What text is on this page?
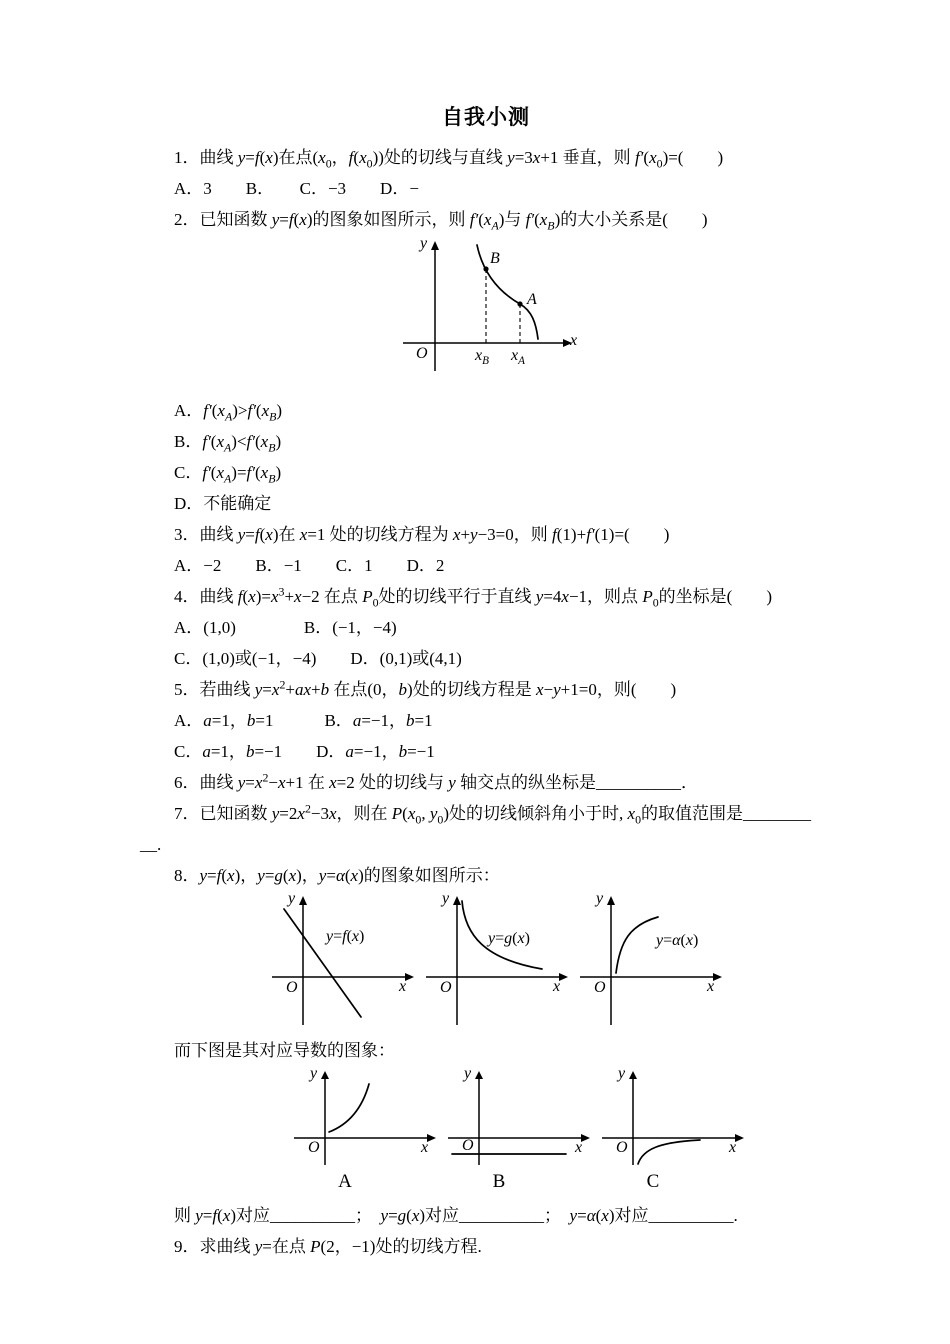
自我小测

1．曲线 y=f(x)在点($x_0$，$f(x_0)$)处的切线与直线 y=3x+1 垂直，则 $f'(x_0)=$(　　)

A．3　　B．　　C．−3　　D．−

2．已知函数 y=f(x)的图象如图所示，则 $f'(x_A)$与 $f'(x_B)$的大小关系是(　　)

y
x
O
B
A
$x_B$ $x_A$

A．$f'(x_A)>f'(x_B)$

B．$f'(x_A)<f'(x_B)$

C．$f'(x_A)=f'(x_B)$

D．不能确定

3．曲线 y=f(x)在 x=1 处的切线方程为 x+y−3=0，则 f(1)+f′(1)=(　　)

A．−2　　B．−1　　C．1　　D．2

4．曲线 $f(x)=x^3+x-2$ 在点 $P_0$处的切线平行于直线 y=4x−1，则点 $P_0$的坐标是(　　)

A．(1,0)　　　　B．(−1，−4)

C．(1,0)或(−1，−4)　　D．(0,1)或(4,1)

5．若曲线 $y=x^2+ax+b$ 在点(0，b)处的切线方程是 x−y+1=0，则(　　)

A．a=1，b=1　　　B．a=−1，b=1

C．a=1，b=−1　　D．a=−1，b=−1

6．曲线 $y=x^2-x+1$ 在 x=2 处的切线与 y 轴交点的纵坐标是__________．

7．已知函数 $y=2x^2-3x$，则在 $P(x_0$, $y_0$)处的切线倾斜角小于时, $x_0$的取值范围是________

__.

8．y=f(x)，y=g(x)，y=α(x)的图象如图所示：

y
x
O
y=f(x)
y
x
O
y=g(x)
y
x
O
y=α(x)

而下图是其对应导数的图象：

y
x
O
A
y
x
O
B
y
x
O
C

则 y=f(x)对应__________；　y=g(x)对应__________；　y=α(x)对应__________.

9．求曲线 y=在点 P(2，−1)处的切线方程.
